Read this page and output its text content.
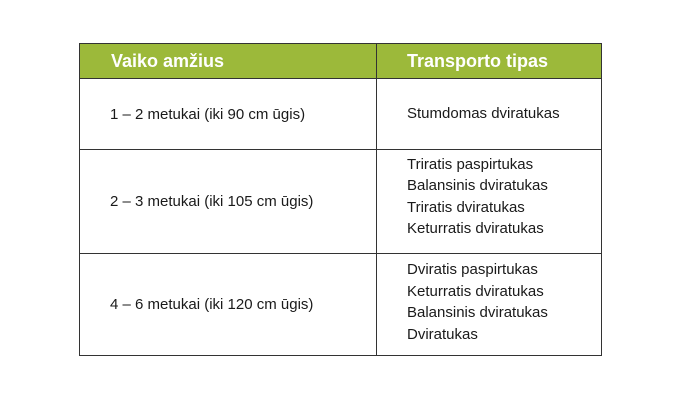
Vaiko amžius	Transporto tipas
1 – 2 metukai (iki 90 cm ūgis)	Stumdomas dviratukas
2 – 3 metukai (iki 105 cm ūgis)
Triratis paspirtukas
Balansinis dviratukas
Triratis dviratukas
Keturratis dviratukas
4 – 6 metukai (iki 120 cm ūgis)
Dviratis paspirtukas
Keturratis dviratukas
Balansinis dviratukas
Dviratukas
